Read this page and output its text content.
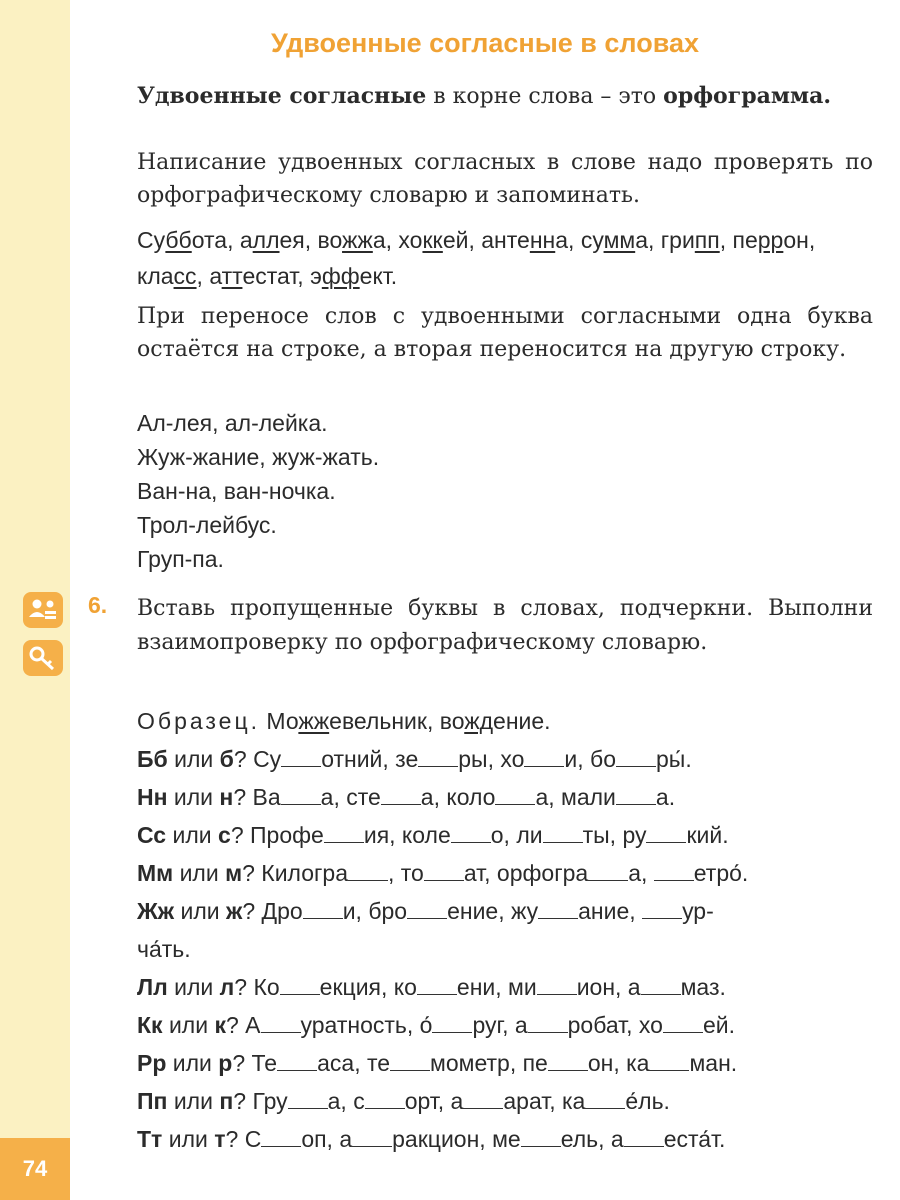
74
Удвоенные согласные в словах

Удвоенные согласные в корне слова – это орфограмма.

Написание удвоенных согласных в слове надо проверять по орфографическому словарю и запоминать.

Суббота, аллея, вожжа, хоккей, антенна, сумма, грипп, перрон, класс, аттестат, эффект.

При переносе слов с удвоенными согласными одна буква остаётся на строке, а вторая переносится на другую строку.

Ал-лея, ал-лейка.
Жуж-жание, жуж-жать.
Ван-на, ван-ночка.
Трол-лейбус.
Груп-па.
6. Вставь пропущенные буквы в словах, подчеркни. Выполни взаимопроверку по орфографическому словарю.

Образец. Можжевельник, вождение.
Бб или б? Су отний, зе ры, хо и, бо ры́.
Нн или н? Ва а, сте а, коло а, мали а.
Сс или с? Профе ия, коле о, ли ты, ру кий.
Мм или м? Килогра , то ат, орфогра а, етро́.
Жж или ж? Дро и, бро ение, жу ание, ур-
ча́ть.
Лл или л? Ко екция, ко ени, ми ион, а маз.
Кк или к? А уратность, о́ руг, а робат, хо ей.
Рр или р? Те аса, те мометр, пе он, ка ман.
Пп или п? Гру а, с орт, а арат, ка е́ль.
Тт или т? С оп, а ракцион, ме ель, а еста́т.
